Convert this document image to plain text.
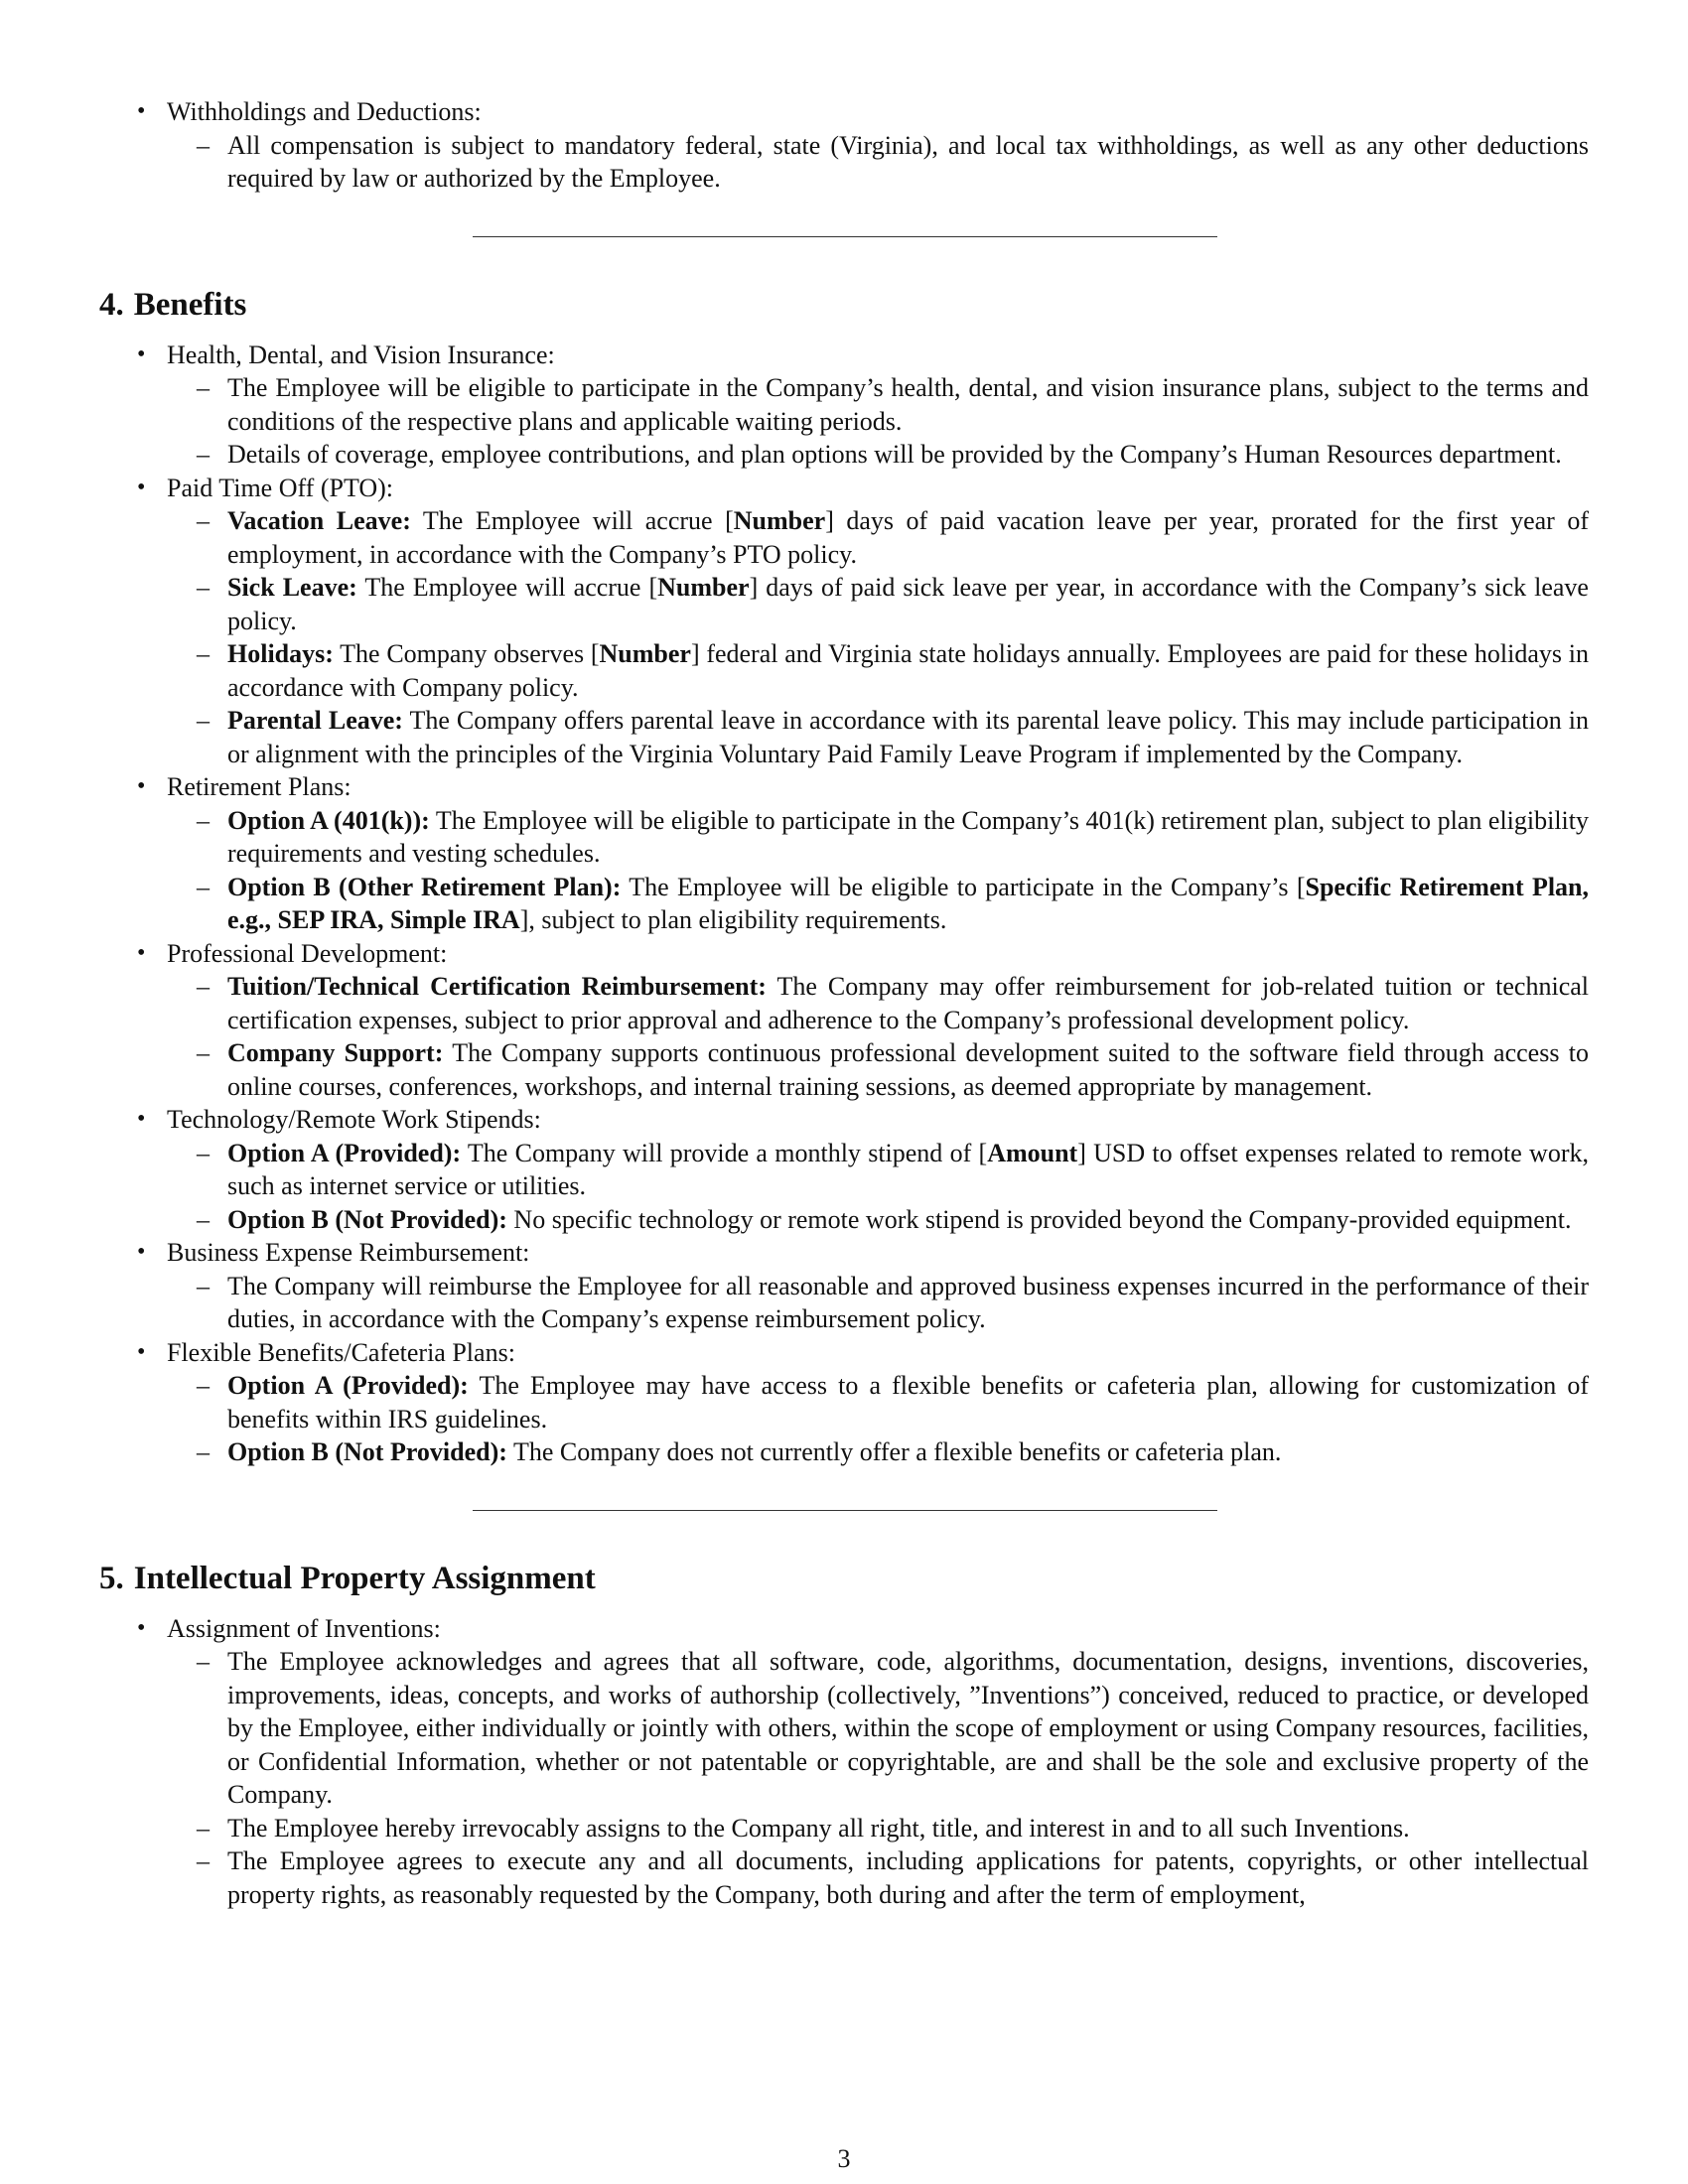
• Withholdings and Deductions:
– All compensation is subject to mandatory federal, state (Virginia), and local tax withholdings, as well as any other deductions required by law or authorized by the Employee.
4. Benefits
• Health, Dental, and Vision Insurance:
– The Employee will be eligible to participate in the Company’s health, dental, and vision insurance plans, subject to the terms and conditions of the respective plans and applicable waiting periods.
– Details of coverage, employee contributions, and plan options will be provided by the Company’s Human Resources department.
• Paid Time Off (PTO):
– Vacation Leave: The Employee will accrue [Number] days of paid vacation leave per year, prorated for the first year of employment, in accordance with the Company’s PTO policy.
– Sick Leave: The Employee will accrue [Number] days of paid sick leave per year, in accordance with the Company’s sick leave policy.
– Holidays: The Company observes [Number] federal and Virginia state holidays annually. Employees are paid for these holidays in accordance with Company policy.
– Parental Leave: The Company offers parental leave in accordance with its parental leave policy. This may include participation in or alignment with the principles of the Virginia Voluntary Paid Family Leave Program if implemented by the Company.
• Retirement Plans:
– Option A (401(k)): The Employee will be eligible to participate in the Company’s 401(k) retirement plan, subject to plan eligibility requirements and vesting schedules.
– Option B (Other Retirement Plan): The Employee will be eligible to participate in the Company’s [Specific Retirement Plan, e.g., SEP IRA, Simple IRA], subject to plan eligibility requirements.
• Professional Development:
– Tuition/Technical Certification Reimbursement: The Company may offer reimbursement for job-related tuition or technical certification expenses, subject to prior approval and adherence to the Company’s professional development policy.
– Company Support: The Company supports continuous professional development suited to the software field through access to online courses, conferences, workshops, and internal training sessions, as deemed appropriate by management.
• Technology/Remote Work Stipends:
– Option A (Provided): The Company will provide a monthly stipend of [Amount] USD to offset expenses related to remote work, such as internet service or utilities.
– Option B (Not Provided): No specific technology or remote work stipend is provided beyond the Company-provided equipment.
• Business Expense Reimbursement:
– The Company will reimburse the Employee for all reasonable and approved business expenses incurred in the performance of their duties, in accordance with the Company’s expense reimbursement policy.
• Flexible Benefits/Cafeteria Plans:
– Option A (Provided): The Employee may have access to a flexible benefits or cafeteria plan, allowing for customization of benefits within IRS guidelines.
– Option B (Not Provided): The Company does not currently offer a flexible benefits or cafeteria plan.
5. Intellectual Property Assignment
• Assignment of Inventions:
– The Employee acknowledges and agrees that all software, code, algorithms, documentation, designs, inventions, discoveries, improvements, ideas, concepts, and works of authorship (collectively, ”Inventions”) conceived, reduced to practice, or developed by the Employee, either individually or jointly with others, within the scope of employment or using Company resources, facilities, or Confidential Information, whether or not patentable or copyrightable, are and shall be the sole and exclusive property of the Company.
– The Employee hereby irrevocably assigns to the Company all right, title, and interest in and to all such Inventions.
– The Employee agrees to execute any and all documents, including applications for patents, copyrights, or other intellectual property rights, as reasonably requested by the Company, both during and after the term of employment,
3
